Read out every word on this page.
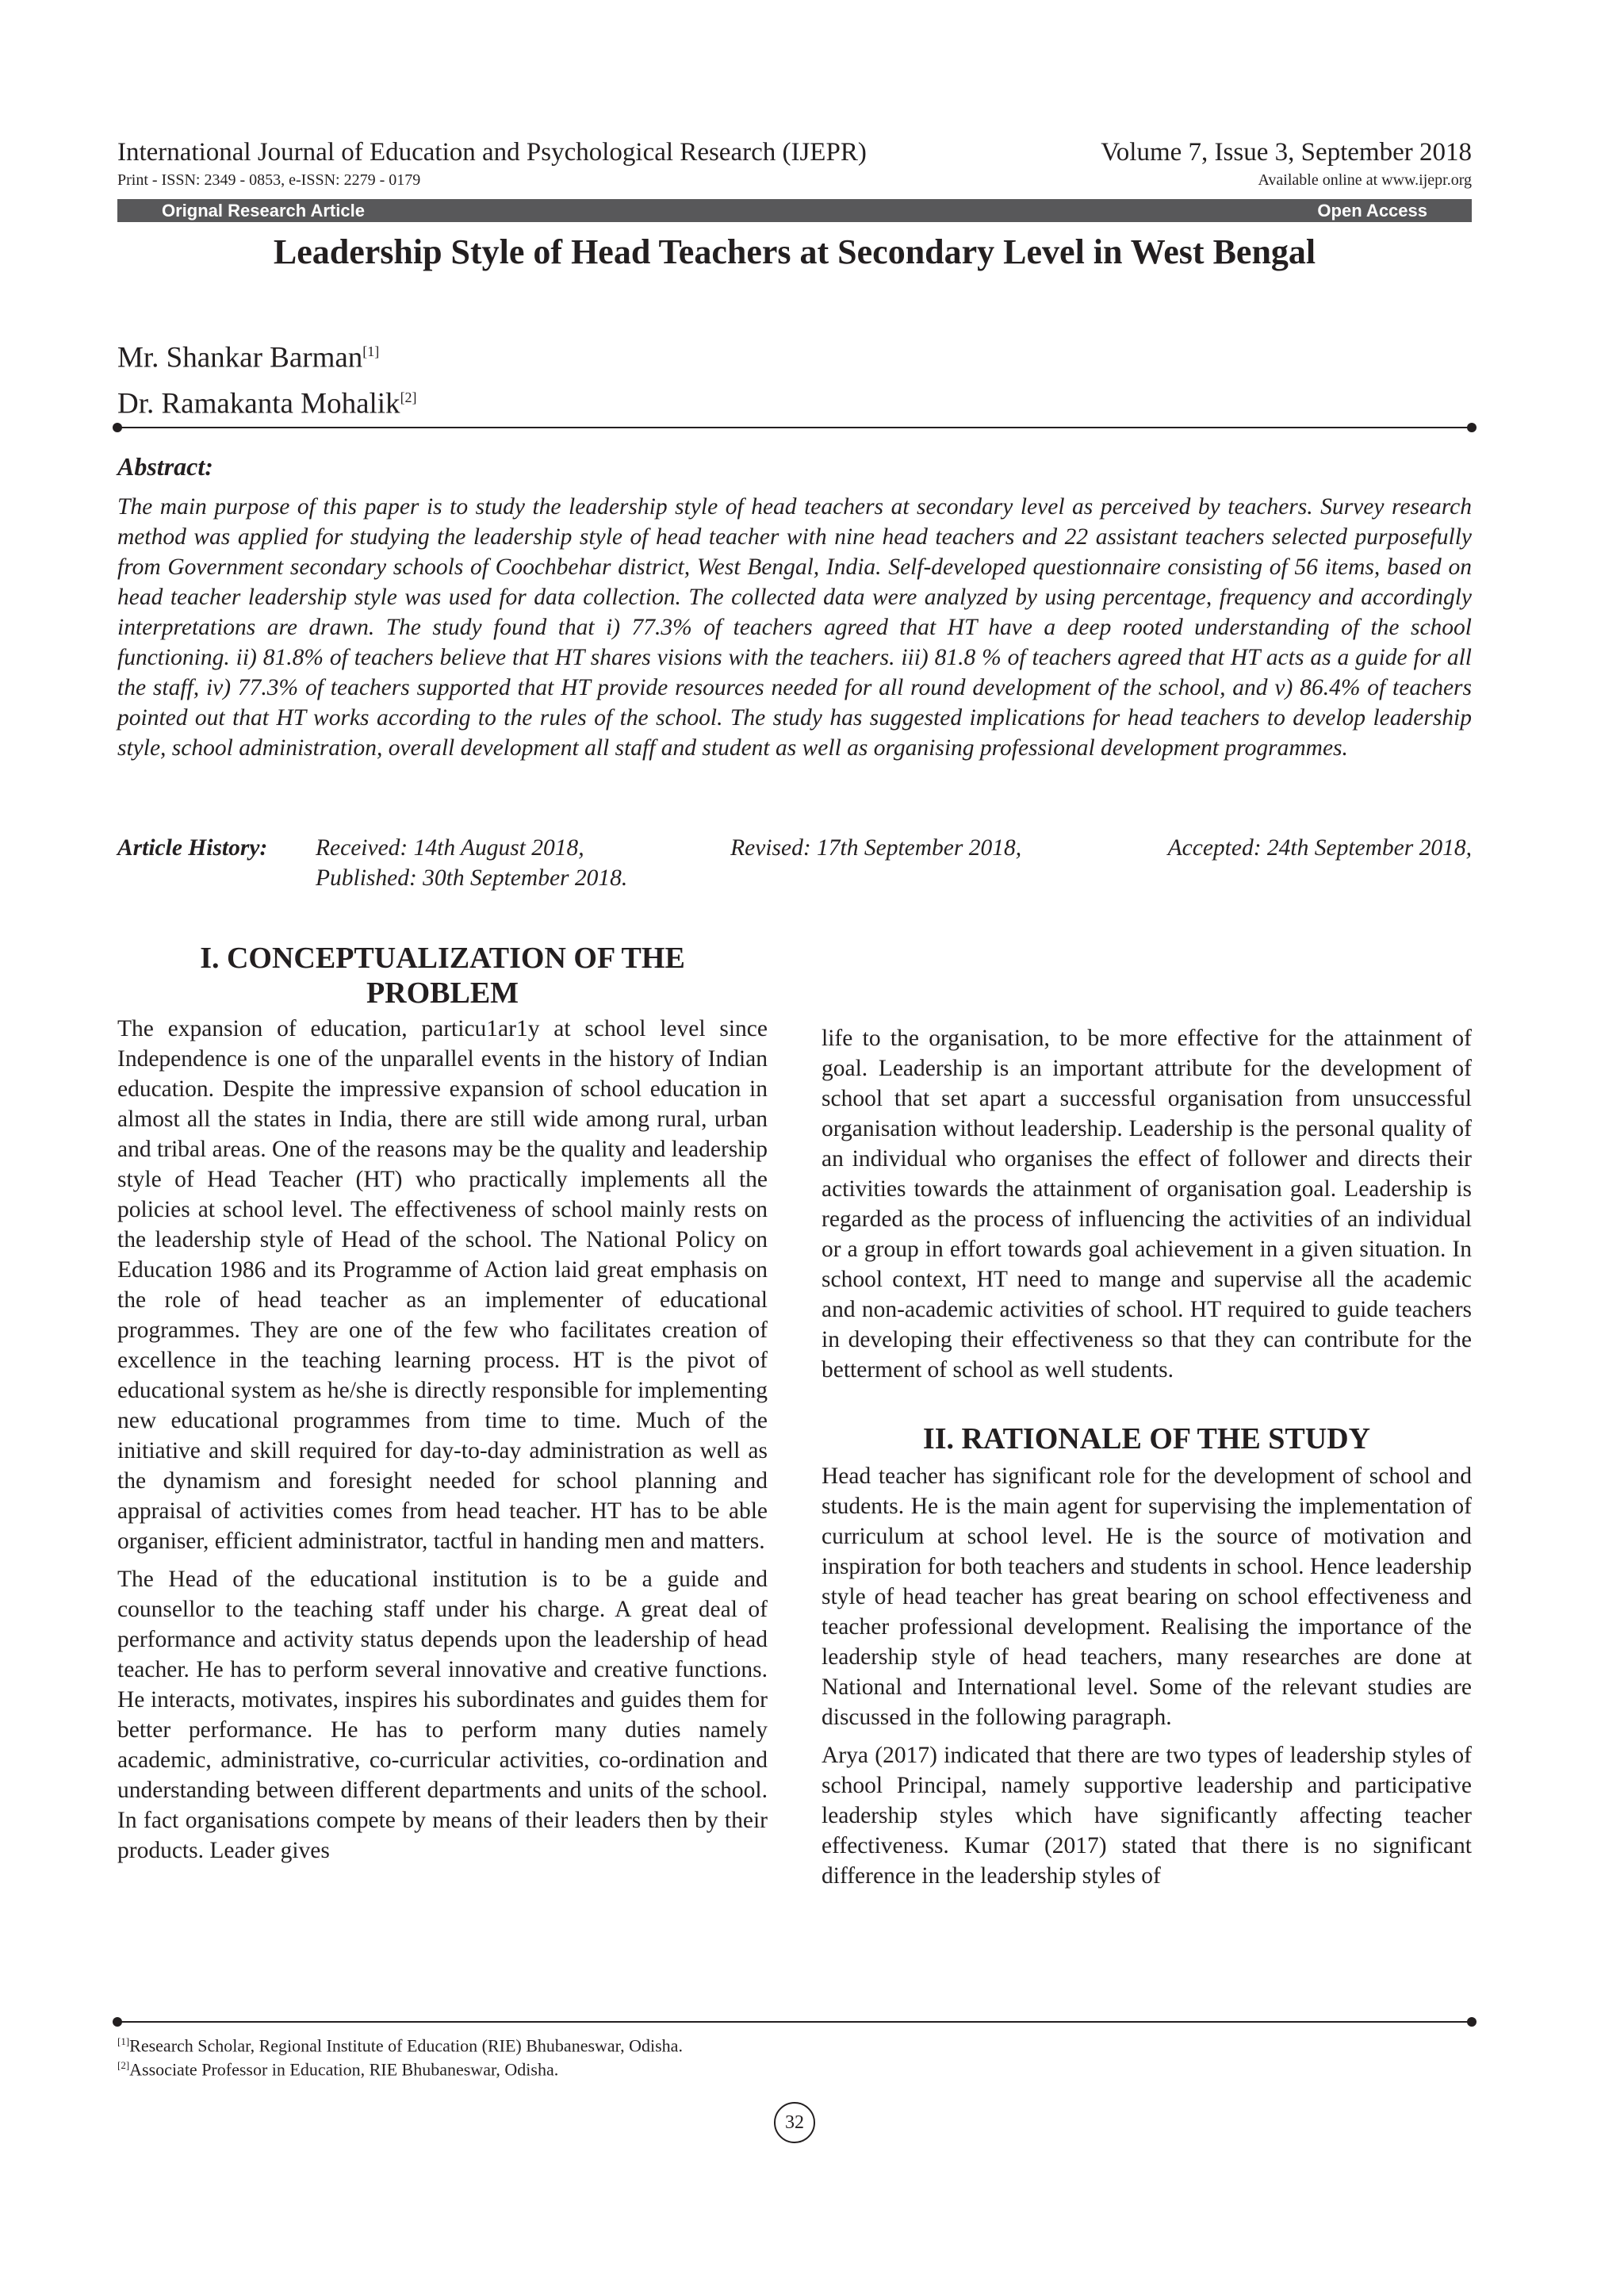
International Journal of Education and Psychological Research (IJEPR)	Volume 7, Issue 3, September 2018
Print - ISSN: 2349 - 0853, e-ISSN: 2279 - 0179	Available online at www.ijepr.org
Orignal Research Article	Open Access
Leadership Style of Head Teachers at Secondary Level in West Bengal
Mr. Shankar Barman[1]
Dr. Ramakanta Mohalik[2]
Abstract:
The main purpose of this paper is to study the leadership style of head teachers at secondary level as perceived by teachers. Survey research method was applied for studying the leadership style of head teacher with nine head teachers and 22 assistant teachers selected purposefully from Government secondary schools of Coochbehar district, West Bengal, India. Self-developed questionnaire consisting of 56 items, based on head teacher leadership style was used for data collection. The collected data were analyzed by using percentage, frequency and accordingly interpretations are drawn. The study found that i) 77.3% of teachers agreed that HT have a deep rooted understanding of the school functioning. ii) 81.8% of teachers believe that HT shares visions with the teachers. iii) 81.8 % of teachers agreed that HT acts as a guide for all the staff, iv) 77.3% of teachers supported that HT provide resources needed for all round development of the school, and v) 86.4% of teachers pointed out that HT works according to the rules of the school. The study has suggested implications for head teachers to develop leadership style, school administration, overall development all staff and student as well as organising professional development programmes.
Article History: Received: 14th August 2018,	Revised: 17th September 2018,	Accepted: 24th September 2018,
Published: 30th September 2018.
I. CONCEPTUALIZATION OF THE
PROBLEM

The expansion of education, particu1ar1y at school level since Independence is one of the unparallel events in the history of Indian education. Despite the impressive expansion of school education in almost all the states in India, there are still wide among rural, urban and tribal areas. One of the reasons may be the quality and leadership style of Head Teacher (HT) who practically implements all the policies at school level. The effectiveness of school mainly rests on the leadership style of Head of the school. The National Policy on Education 1986 and its Programme of Action laid great emphasis on the role of head teacher as an implementer of educational programmes. They are one of the few who facilitates creation of excellence in the teaching learning process. HT is the pivot of educational system as he/she is directly responsible for implementing new educational programmes from time to time. Much of the initiative and skill required for day-to-day administration as well as the dynamism and foresight needed for school planning and appraisal of activities comes from head teacher. HT has to be able organiser, efficient administrator, tactful in handing men and matters.

The Head of the educational institution is to be a guide and counsellor to the teaching staff under his charge. A great deal of performance and activity status depends upon the leadership of head teacher. He has to perform several innovative and creative functions. He interacts, motivates, inspires his subordinates and guides them for better performance. He has to perform many duties namely academic, administrative, co-curricular activities, co-ordination and understanding between different departments and units of the school. In fact organisations compete by means of their leaders then by their products. Leader gives

life to the organisation, to be more effective for the attainment of goal. Leadership is an important attribute for the development of school that set apart a successful organisation from unsuccessful organisation without leadership. Leadership is the personal quality of an individual who organises the effect of follower and directs their activities towards the attainment of organisation goal. Leadership is regarded as the process of influencing the activities of an individual or a group in effort towards goal achievement in a given situation. In school context, HT need to mange and supervise all the academic and non-academic activities of school. HT required to guide teachers in developing their effectiveness so that they can contribute for the betterment of school as well students.

II. RATIONALE OF THE STUDY

Head teacher has significant role for the development of school and students. He is the main agent for supervising the implementation of curriculum at school level. He is the source of motivation and inspiration for both teachers and students in school. Hence leadership style of head teacher has great bearing on school effectiveness and teacher professional development. Realising the importance of the leadership style of head teachers, many researches are done at National and International level. Some of the relevant studies are discussed in the following paragraph.

Arya (2017) indicated that there are two types of leadership styles of school Principal, namely supportive leadership and participative leadership styles which have significantly affecting teacher effectiveness. Kumar (2017) stated that there is no significant difference in the leadership styles of

[1]Research Scholar, Regional Institute of Education (RIE) Bhubaneswar, Odisha.
[2]Associate Professor in Education, RIE Bhubaneswar, Odisha.
32
